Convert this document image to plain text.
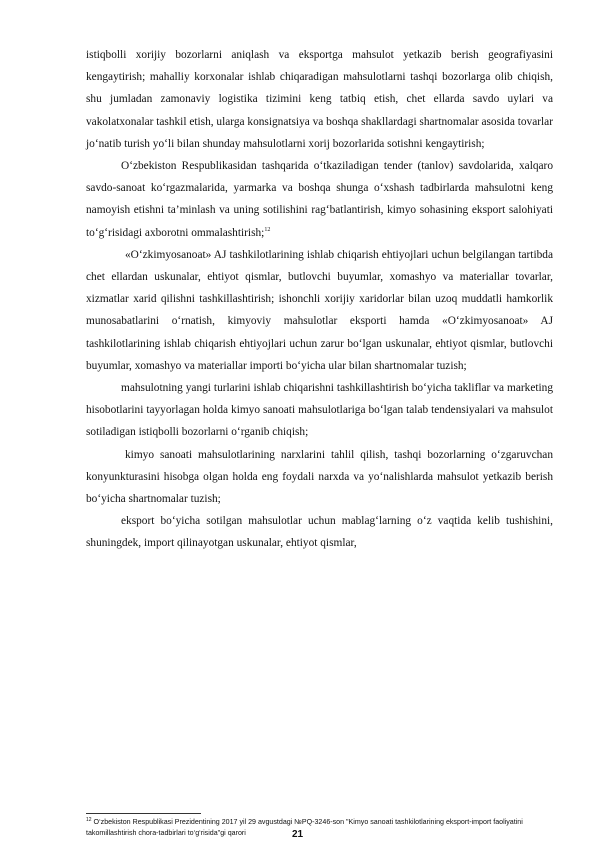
istiqbolli xorijiy bozorlarni aniqlash va eksportga mahsulot yetkazib berish geografiyasini kengaytirish; mahalliy korxonalar ishlab chiqaradigan mahsulotlarni tashqi bozorlarga olib chiqish, shu jumladan zamonaviy logistika tizimini keng tatbiq etish, chet ellarda savdo uylari va vakolatxonalar tashkil etish, ularga konsignatsiya va boshqa shakllardagi shartnomalar asosida tovarlar jo‘natib turish yo‘li bilan shunday mahsulotlarni xorij bozorlarida sotishni kengaytirish;

O‘zbekiston Respublikasidan tashqarida o‘tkaziladigan tender (tanlov) savdolarida, xalqaro savdo-sanoat ko‘rgazmalarida, yarmarka va boshqa shunga o‘xshash tadbirlarda mahsulotni keng namoyish etishni ta’minlash va uning sotilishini rag‘batlantirish, kimyo sohasining eksport salohiyati to‘g‘risidagi axborotni ommalashtirish;$^{12}$

«O‘zkimyosanoat» AJ tashkilotlarining ishlab chiqarish ehtiyojlari uchun belgilangan tartibda chet ellardan uskunalar, ehtiyot qismlar, butlovchi buyumlar, xomashyo va materiallar tovarlar, xizmatlar xarid qilishni tashkillashtirish; ishonchli xorijiy xaridorlar bilan uzoq muddatli hamkorlik munosabatlarini o‘rnatish, kimyoviy mahsulotlar eksporti hamda «O‘zkimyosanoat» AJ tashkilotlarining ishlab chiqarish ehtiyojlari uchun zarur bo‘lgan uskunalar, ehtiyot qismlar, butlovchi buyumlar, xomashyo va materiallar importi bo‘yicha ular bilan shartnomalar tuzish;

mahsulotning yangi turlarini ishlab chiqarishni tashkillashtirish bo‘yicha takliflar va marketing hisobotlarini tayyorlagan holda kimyo sanoati mahsulotlariga bo‘lgan talab tendensiyalari va mahsulot sotiladigan istiqbolli bozorlarni o‘rganib chiqish;

kimyo sanoati mahsulotlarining narxlarini tahlil qilish, tashqi bozorlarning o‘zgaruvchan konyunkturasini hisobga olgan holda eng foydali narxda va yo‘nalishlarda mahsulot yetkazib berish bo‘yicha shartnomalar tuzish;

eksport bo‘yicha sotilgan mahsulotlar uchun mablag‘larning o‘z vaqtida kelib tushishini, shuningdek, import qilinayotgan uskunalar, ehtiyot qismlar,

$^{12}$ O‘zbekiston Respublikasi Prezidentining 2017 yil 29 avgustdagi №PQ-3246-son "Kimyo sanoati tashkilotlarining eksport-import faoliyatini takomillashtirish chora-tadbirlari to‘g‘risida"gi qarori	21
